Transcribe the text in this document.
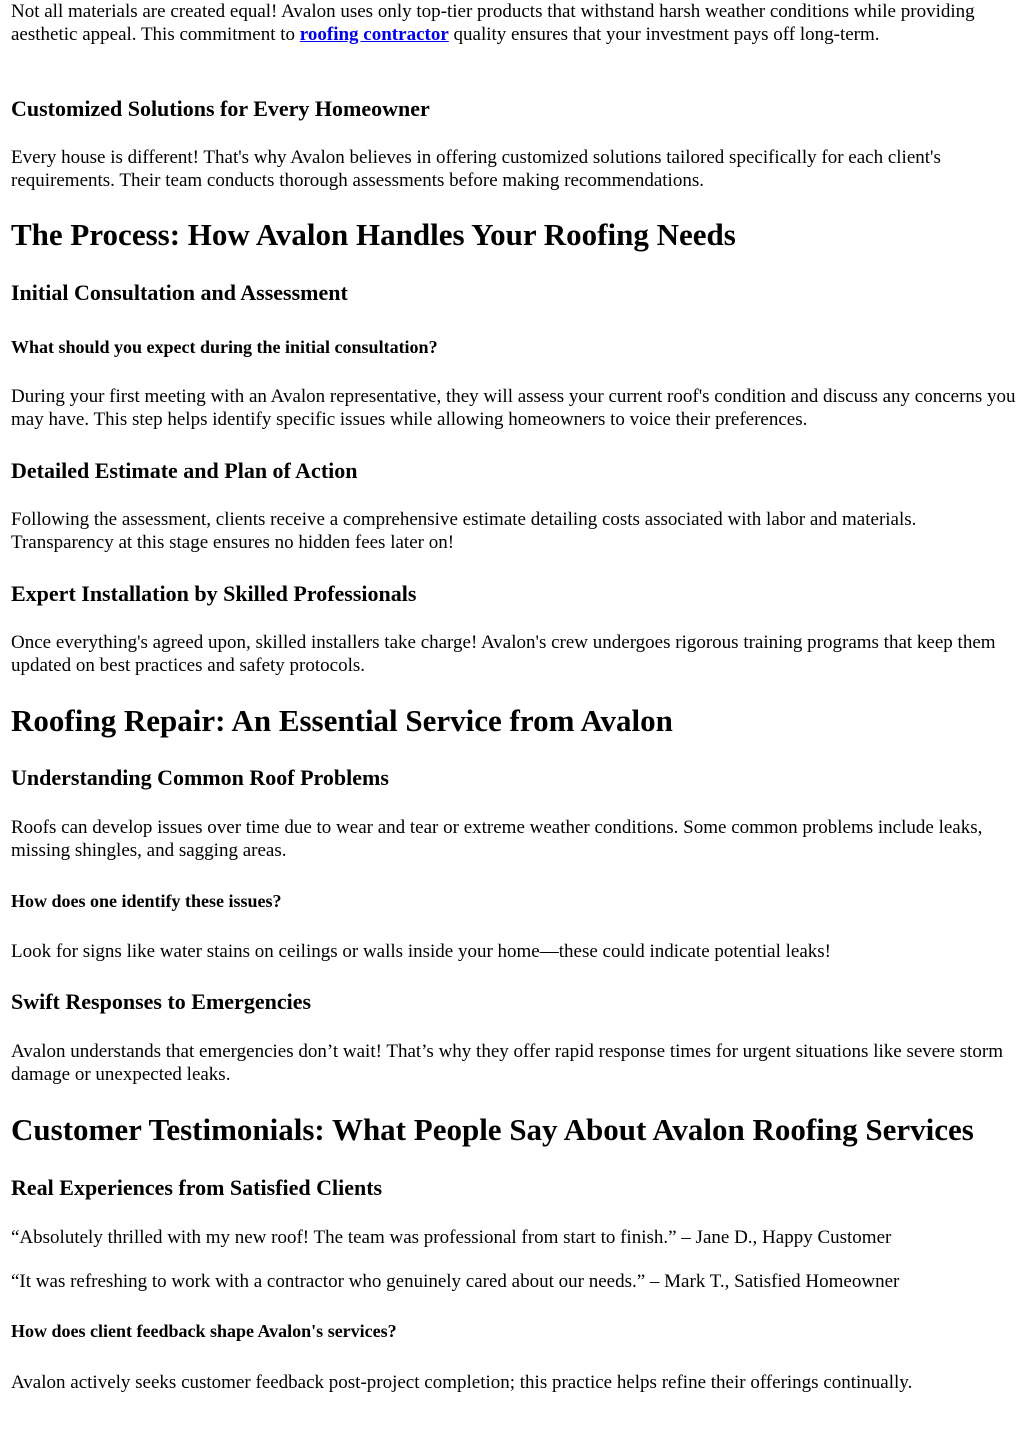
Not all materials are created equal! Avalon uses only top-tier products that withstand harsh weather conditions while providing aesthetic appeal. This commitment to roofing contractor quality ensures that your investment pays off long-term.

Customized Solutions for Every Homeowner

Every house is different! That's why Avalon believes in offering customized solutions tailored specifically for each client's requirements. Their team conducts thorough assessments before making recommendations.

The Process: How Avalon Handles Your Roofing Needs
Initial Consultation and Assessment
What should you expect during the initial consultation?

During your first meeting with an Avalon representative, they will assess your current roof's condition and discuss any concerns you may have. This step helps identify specific issues while allowing homeowners to voice their preferences.

Detailed Estimate and Plan of Action

Following the assessment, clients receive a comprehensive estimate detailing costs associated with labor and materials. Transparency at this stage ensures no hidden fees later on!

Expert Installation by Skilled Professionals

Once everything's agreed upon, skilled installers take charge! Avalon's crew undergoes rigorous training programs that keep them updated on best practices and safety protocols.

Roofing Repair: An Essential Service from Avalon
Understanding Common Roof Problems

Roofs can develop issues over time due to wear and tear or extreme weather conditions. Some common problems include leaks, missing shingles, and sagging areas.

How does one identify these issues?

Look for signs like water stains on ceilings or walls inside your home—these could indicate potential leaks!

Swift Responses to Emergencies

Avalon understands that emergencies don’t wait! That’s why they offer rapid response times for urgent situations like severe storm damage or unexpected leaks.

Customer Testimonials: What People Say About Avalon Roofing Services
Real Experiences from Satisfied Clients

“Absolutely thrilled with my new roof! The team was professional from start to finish.” – Jane D., Happy Customer

“It was refreshing to work with a contractor who genuinely cared about our needs.” – Mark T., Satisfied Homeowner

How does client feedback shape Avalon's services?

Avalon actively seeks customer feedback post-project completion; this practice helps refine their offerings continually.
